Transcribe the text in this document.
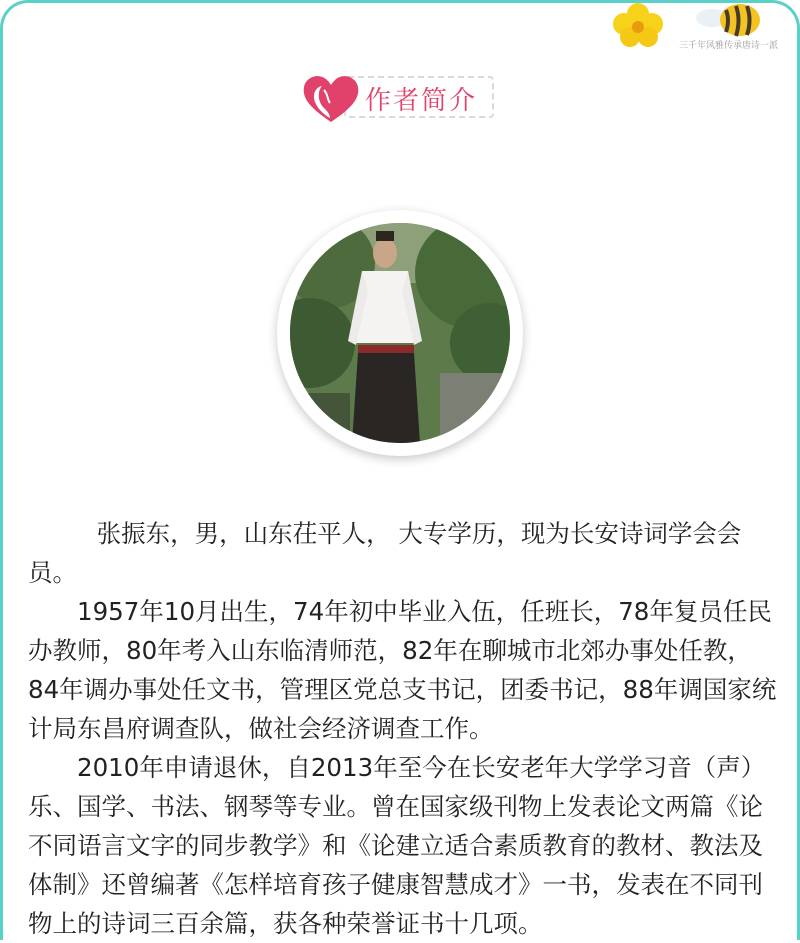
三千年风雅传承唐诗一派
作者简介

张振东，男，山东茌平人， 大专学历，现为长安诗词学会会员。

1957年10月出生，74年初中毕业入伍，任班长，78年复员任民办教师，80年考入山东临清师范，82年在聊城市北郊办事处任教，84年调办事处任文书，管理区党总支书记，团委书记，88年调国家统计局东昌府调查队，做社会经济调查工作。

2010年申请退休，自2013年至今在长安老年大学学习音（声）乐、国学、书法、钢琴等专业。曾在国家级刊物上发表论文两篇《论不同语言文字的同步教学》和《论建立适合素质教育的教材、教法及体制》还曾编著《怎样培育孩子健康智慧成才》一书，发表在不同刊物上的诗词三百余篇，获各种荣誉证书十几项。
